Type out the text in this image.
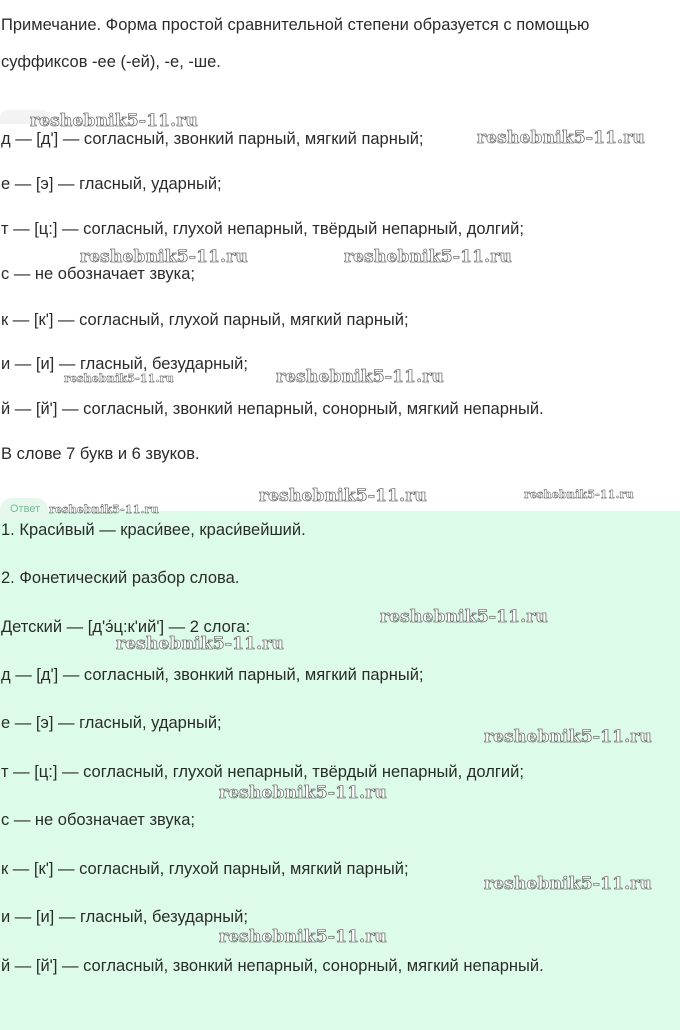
Примечание. Форма простой сравнительной степени образуется с помощью
суффиксов -ее (-ей), -е, -ше.
д — [д'] — согласный, звонкий парный, мягкий парный;
е — [э] — гласный, ударный;
т — [ц:] — согласный, глухой непарный, твёрдый непарный, долгий;
с — не обозначает звука;
к — [к'] — согласный, глухой парный, мягкий парный;
и — [и] — гласный, безударный;
й — [й'] — согласный, звонкий непарный, сонорный, мягкий непарный.
В слове 7 букв и 6 звуков.
Ответ
1. Краси́вый — краси́вее, краси́вейший.
2. Фонетический разбор слова.
Детский — [д'э́ц:к'ий'] — 2 слога:
д — [д'] — согласный, звонкий парный, мягкий парный;
е — [э] — гласный, ударный;
т — [ц:] — согласный, глухой непарный, твёрдый непарный, долгий;
с — не обозначает звука;
к — [к'] — согласный, глухой парный, мягкий парный;
и — [и] — гласный, безударный;
й — [й'] — согласный, звонкий непарный, сонорный, мягкий непарный.
reshebnik5-11.ru
reshebnik5-11.ru
reshebnik5-11.ru	reshebnik5-11.ru
reshebnik5-11.ru	reshebnik5-11.ru
reshebnik5-11.ru
reshebnik5-11.ru	reshebnik5-11.ru
reshebnik5-11.ru
reshebnik5-11.ru
reshebnik5-11.ru
reshebnik5-11.ru
reshebnik5-11.ru
reshebnik5-11.ru
